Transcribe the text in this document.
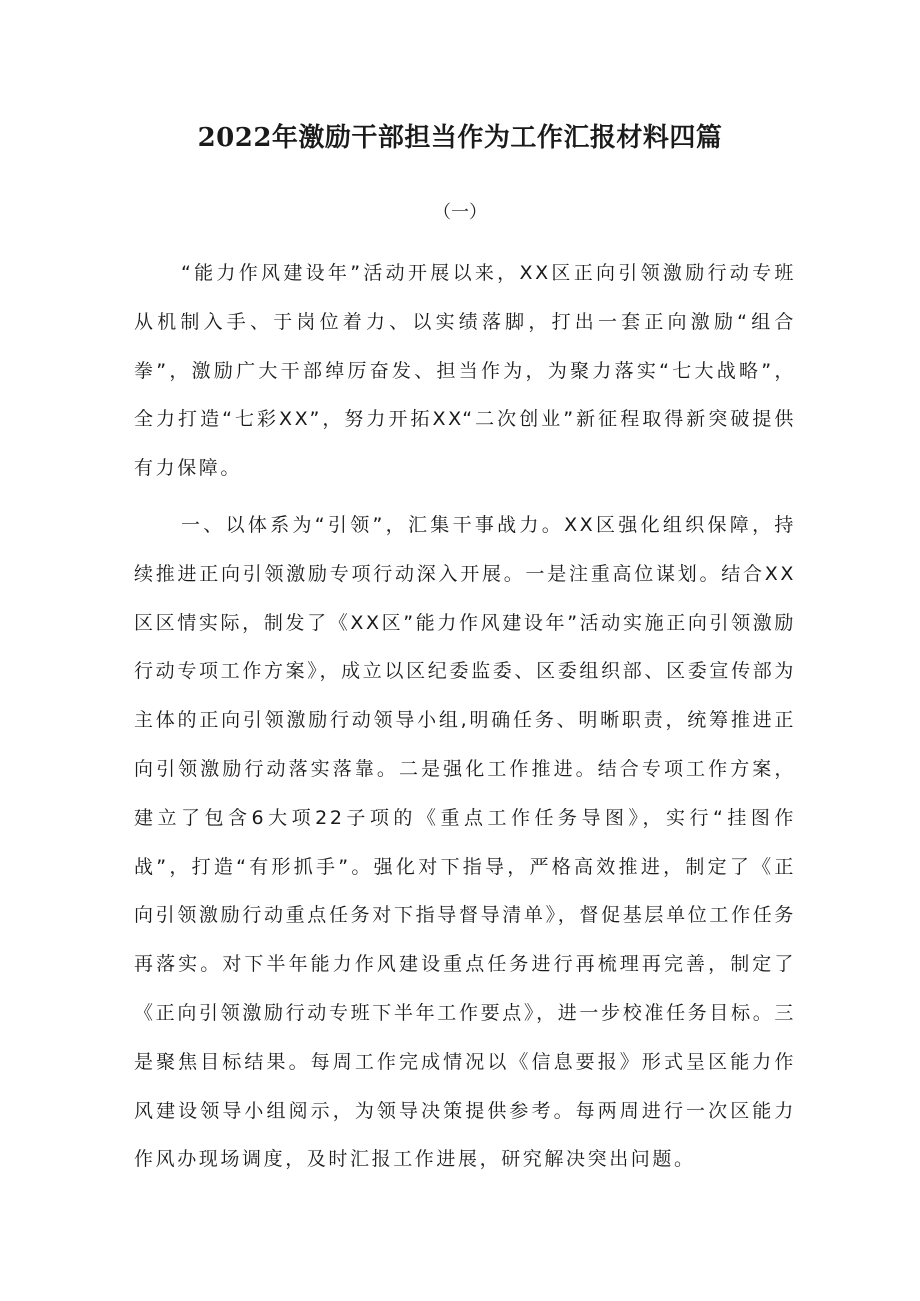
2022年激励干部担当作为工作汇报材料四篇

（一）

“能力作风建设年”活动开展以来，XX区正向引领激励行动专班从机制入手、于岗位着力、以实绩落脚，打出一套正向激励“组合拳”，激励广大干部绰厉奋发、担当作为，为聚力落实“七大战略”，全力打造“七彩XX”，努力开拓XX“二次创业”新征程取得新突破提供有力保障。

一、以体系为“引领”，汇集干事战力。XX区强化组织保障，持续推进正向引领激励专项行动深入开展。一是注重高位谋划。结合XX区区情实际，制发了《XX区”能力作风建设年”活动实施正向引领激励行动专项工作方案》，成立以区纪委监委、区委组织部、区委宣传部为主体的正向引领激励行动领导小组,明确任务、明晰职责，统筹推进正向引领激励行动落实落靠。二是强化工作推进。结合专项工作方案，建立了包含6大项22子项的《重点工作任务导图》，实行“挂图作战”，打造“有形抓手”。强化对下指导，严格高效推进，制定了《正向引领激励行动重点任务对下指导督导清单》，督促基层单位工作任务再落实。对下半年能力作风建设重点任务进行再梳理再完善，制定了《正向引领激励行动专班下半年工作要点》，进一步校准任务目标。三是聚焦目标结果。每周工作完成情况以《信息要报》形式呈区能力作风建设领导小组阅示，为领导决策提供参考。每两周进行一次区能力作风办现场调度，及时汇报工作进展，研究解决突出问题。
